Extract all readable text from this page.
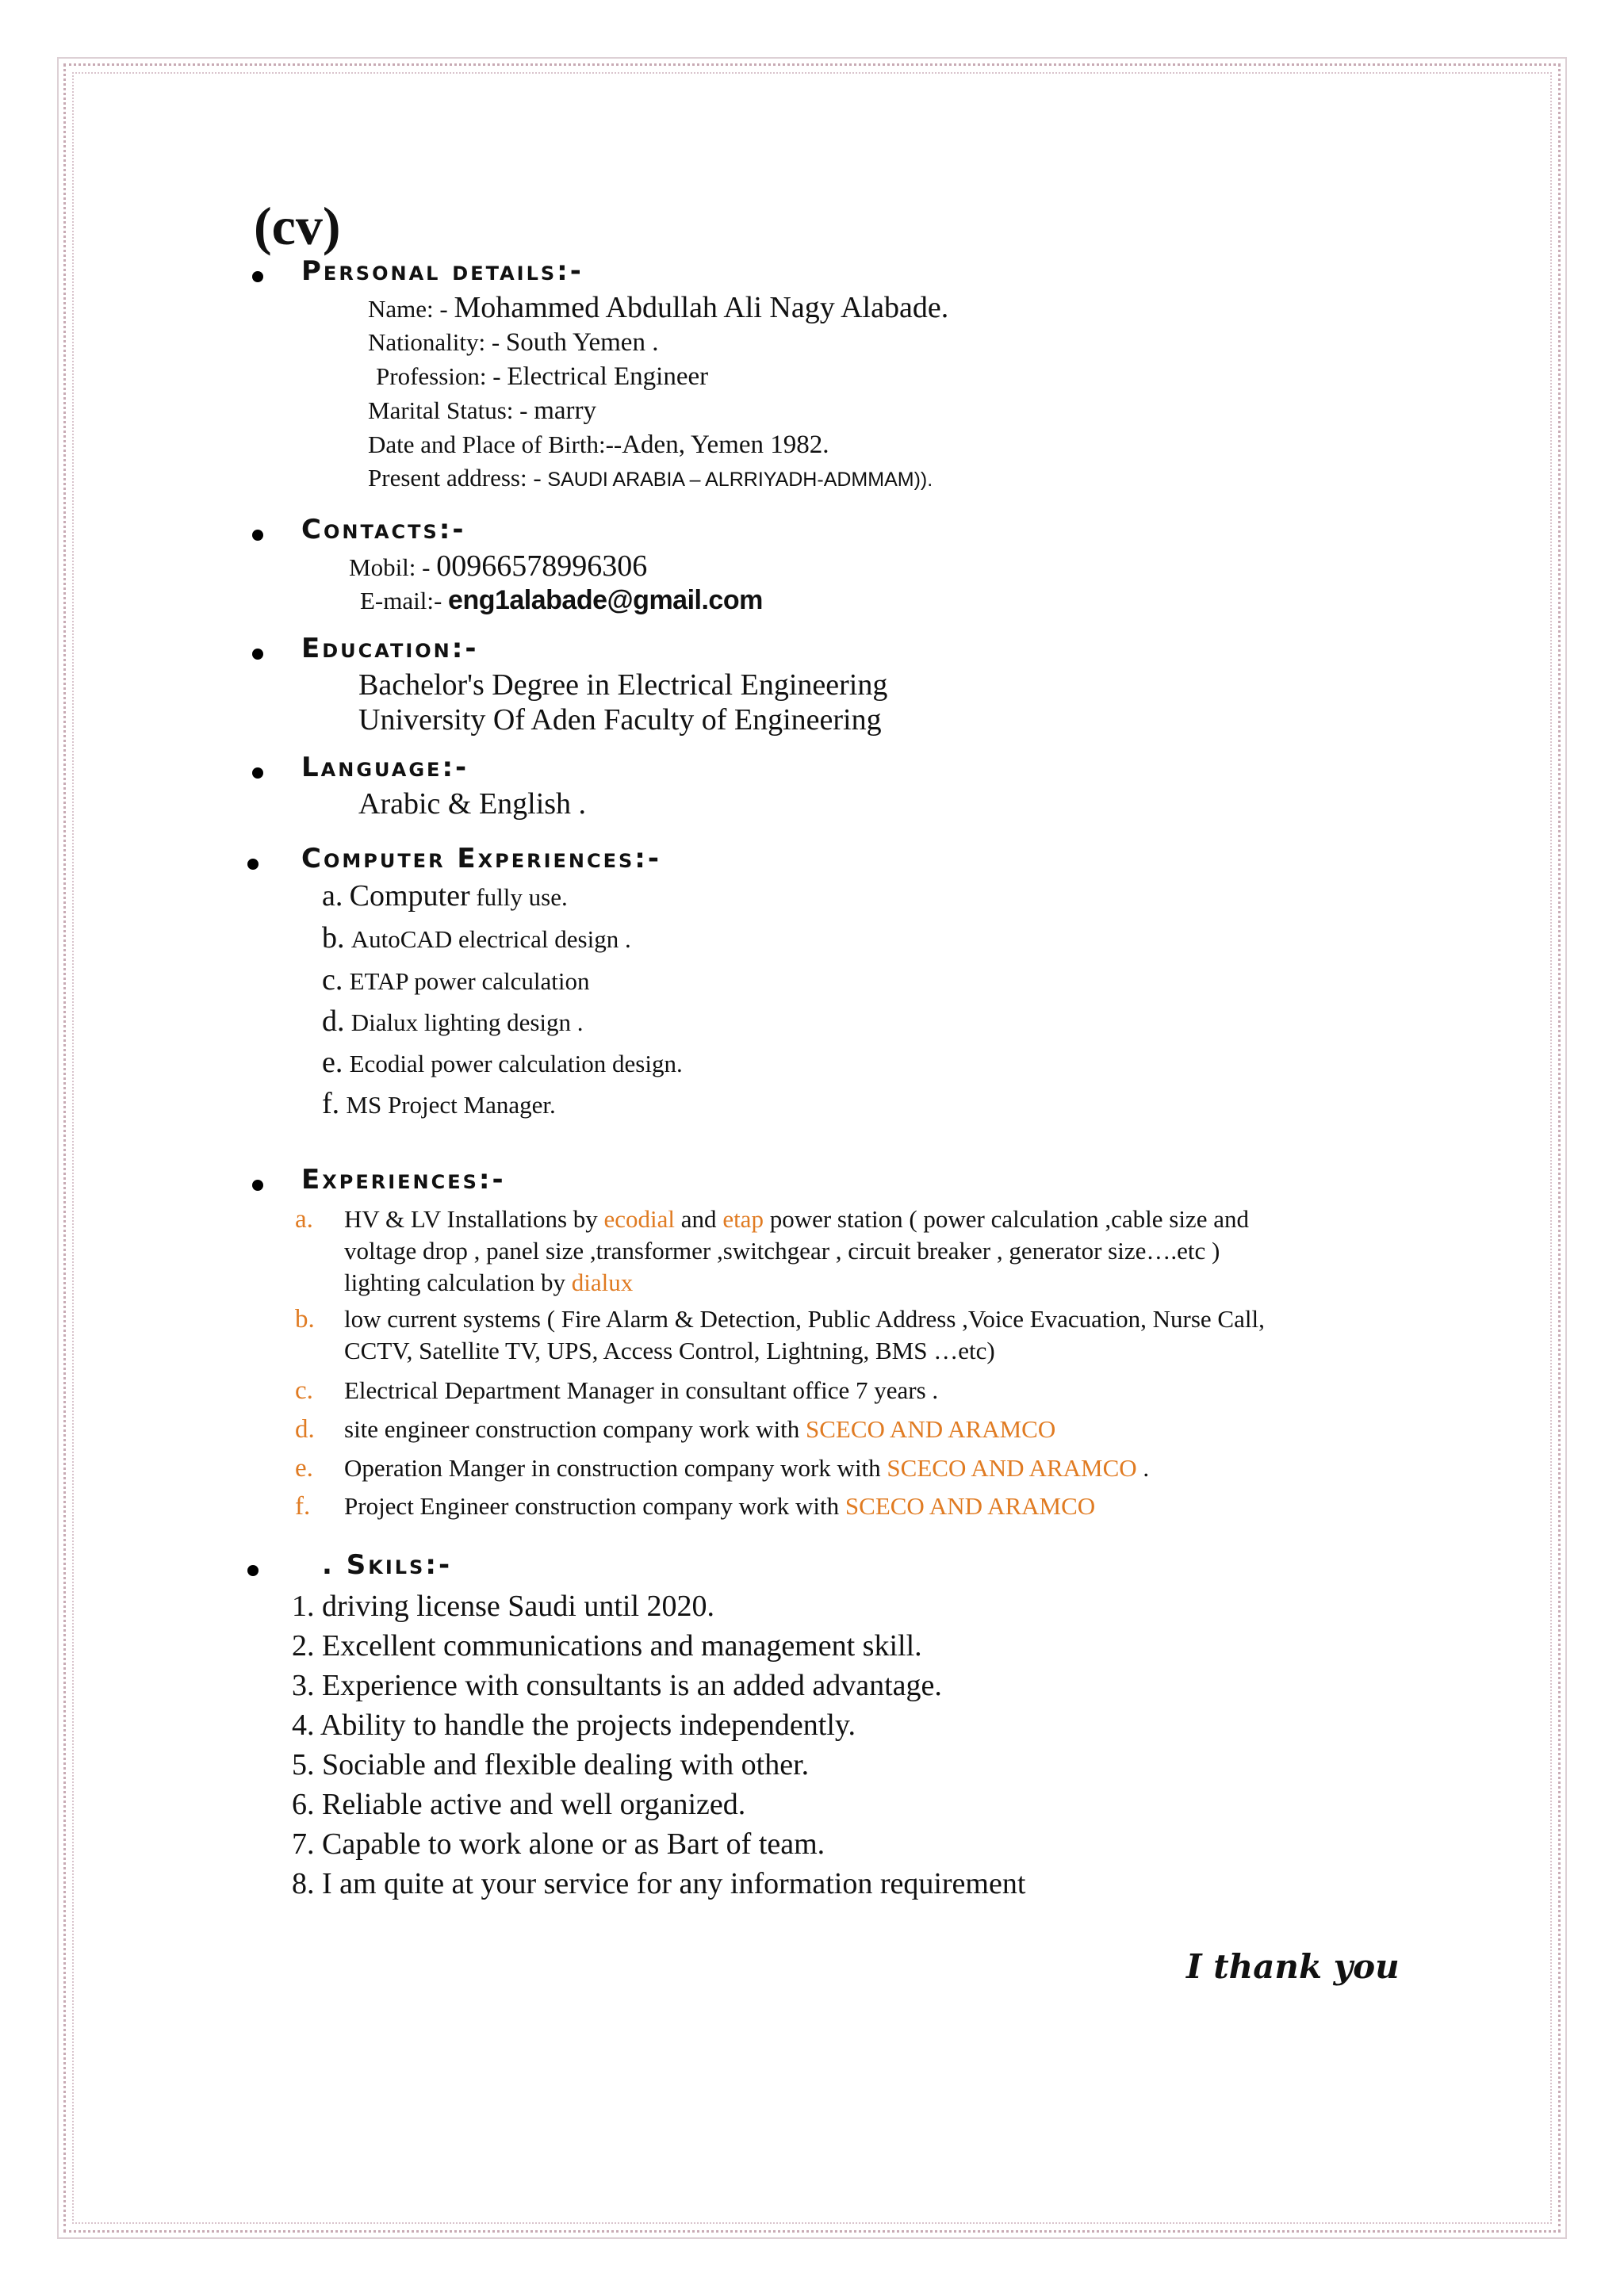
(cv)
Personal details:-
Name: - Mohammed Abdullah Ali Nagy Alabade.
Nationality: - South Yemen .
Profession: - Electrical Engineer
Marital Status: - marry
Date and Place of Birth:--Aden, Yemen 1982.
Present address: - SAUDI ARABIA – ALRRIYADH-ADMMAM)).
Contacts:-
Mobil: - 00966578996306
E-mail:- eng1alabade@gmail.com
Education:-
Bachelor's Degree in Electrical Engineering
University Of Aden Faculty of Engineering
Language:-
Arabic & English .
Computer Experiences:-
a. Computer fully use.
b. AutoCAD electrical design .
c. ETAP power calculation
d. Dialux lighting design .
e. Ecodial power calculation design.
f. MS Project Manager.
Experiences:-
a. HV & LV Installations by ecodial and etap power station ( power calculation ,cable size and
voltage drop , panel size ,transformer ,switchgear , circuit breaker , generator size….etc )
lighting calculation by dialux
b. low current systems ( Fire Alarm & Detection, Public Address ,Voice Evacuation, Nurse Call,
CCTV, Satellite TV, UPS, Access Control, Lightning, BMS …etc)
c. Electrical Department Manager in consultant office 7 years .
d. site engineer construction company work with SCECO AND ARAMCO
e. Operation Manger in construction company work with SCECO AND ARAMCO .
f. Project Engineer construction company work with SCECO AND ARAMCO
. Skils:-
1. driving license Saudi until 2020.
2. Excellent communications and management skill.
3. Experience with consultants is an added advantage.
4. Ability to handle the projects independently.
5. Sociable and flexible dealing with other.
6. Reliable active and well organized.
7. Capable to work alone or as Bart of team.
8. I am quite at your service for any information requirement
I thank you
